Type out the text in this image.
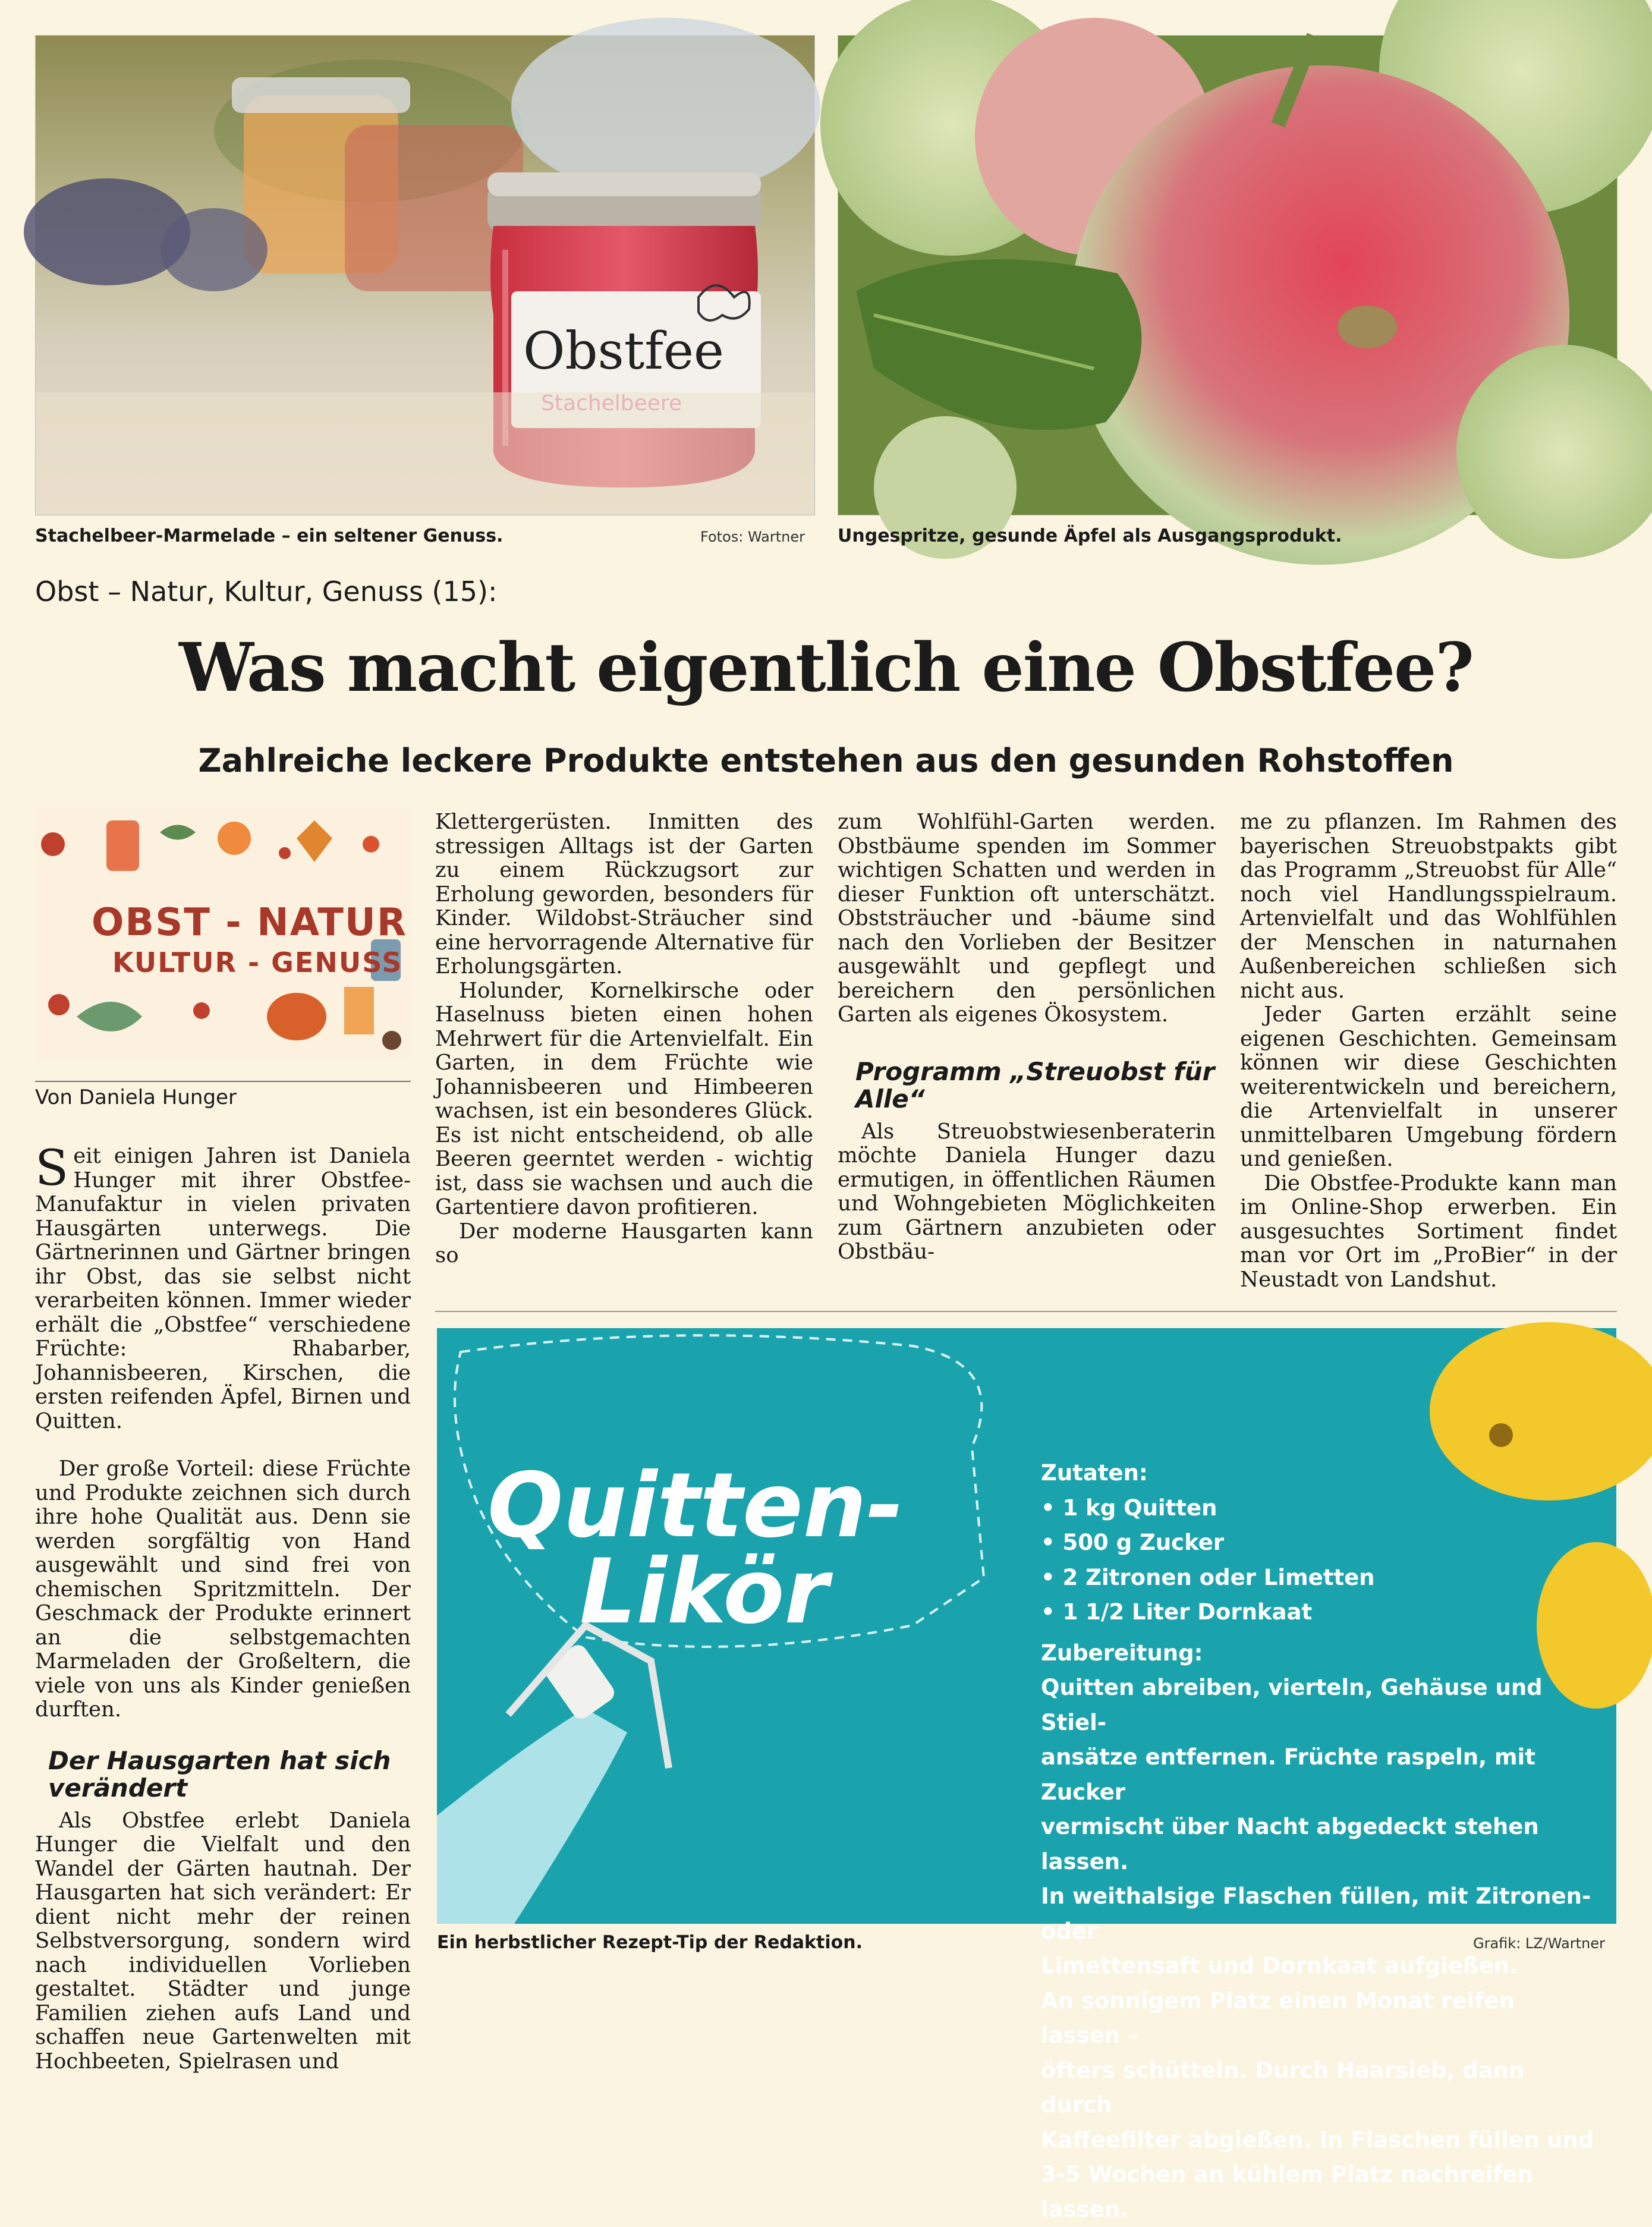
Obstfee
Stachelbeer-Marmelade – ein seltener Genuss.	Fotos: Wartner Ungespritze, gesunde Äpfel als Ausgangsprodukt.
Obst – Natur, Kultur, Genuss (15):
Was macht eigentlich eine Obstfee?
Zahlreiche leckere Produkte entstehen aus den gesunden Rohstoffen
OBST - NATUR
KULTUR - GENUSS
Von Daniela Hunger

Seit einigen Jahren ist Daniela Hunger mit ihrer Obstfee-Manufaktur in vielen privaten Hausgärten unterwegs. Die Gärtnerinnen und Gärtner bringen ihr Obst, das sie selbst nicht verarbeiten können. Immer wieder erhält die „Obstfee“ verschiedene Früchte: Rhabarber, Johannisbeeren, Kirschen, die ersten reifenden Äpfel, Birnen und Quitten.

Der große Vorteil: diese Früchte und Produkte zeichnen sich durch ihre hohe Qualität aus. Denn sie werden sorgfältig von Hand ausgewählt und sind frei von chemischen Spritzmitteln. Der Geschmack der Produkte erinnert an die selbstgemachten Marmeladen der Großeltern, die viele von uns als Kinder genießen durften.

Der Hausgarten hat sich verändert

Als Obstfee erlebt Daniela Hunger die Vielfalt und den Wandel der Gärten hautnah. Der Hausgarten hat sich verändert: Er dient nicht mehr der reinen Selbstversorgung, sondern wird nach individuellen Vorlieben gestaltet. Städter und junge Familien ziehen aufs Land und schaffen neue Gartenwelten mit Hochbeeten, Spielrasen und

Klettergerüsten. Inmitten des stressigen Alltags ist der Garten zu einem Rückzugsort zur Erholung geworden, besonders für Kinder. Wildobst-Sträucher sind eine hervorragende Alternative für Erholungsgärten.

Holunder, Kornelkirsche oder Haselnuss bieten einen hohen Mehrwert für die Artenvielfalt. Ein Garten, in dem Früchte wie Johannisbeeren und Himbeeren wachsen, ist ein besonderes Glück. Es ist nicht entscheidend, ob alle Beeren geerntet werden - wichtig ist, dass sie wachsen und auch die Gartentiere davon profitieren.

Der moderne Hausgarten kann so

zum Wohlfühl-Garten werden. Obstbäume spenden im Sommer wichtigen Schatten und werden in dieser Funktion oft unterschätzt. Obststräucher und -bäume sind nach den Vorlieben der Besitzer ausgewählt und gepflegt und bereichern den persönlichen Garten als eigenes Ökosystem.

Programm „Streuobst für Alle“

Als Streuobstwiesenberaterin möchte Daniela Hunger dazu ermutigen, in öffentlichen Räumen und Wohngebieten Möglichkeiten zum Gärtnern anzubieten oder Obstbäu-

me zu pflanzen. Im Rahmen des bayerischen Streuobstpakts gibt das Programm „Streuobst für Alle“ noch viel Handlungsspielraum. Artenvielfalt und das Wohlfühlen der Menschen in naturnahen Außenbereichen schließen sich nicht aus.

Jeder Garten erzählt seine eigenen Geschichten. Gemeinsam können wir diese Geschichten weiterentwickeln und bereichern, die Artenvielfalt in unserer unmittelbaren Umgebung fördern und genießen.

Die Obstfee-Produkte kann man im Online-Shop erwerben. Ein ausgesuchtes Sortiment findet man vor Ort im „ProBier“ in der Neustadt von Landshut.

Quitten-
Likör
Zutaten:
• 1 kg Quitten
• 500 g Zucker
• 2 Zitronen oder Limetten
• 1 1/2 Liter Dornkaat
Zubereitung:
Quitten abreiben, vierteln, Gehäuse und Stiel-
ansätze entfernen. Früchte raspeln, mit Zucker
vermischt über Nacht abgedeckt stehen lassen.
In weithalsige Flaschen füllen, mit Zitronen- oder
Limettensaft und Dornkaat aufgießen.
An sonnigem Platz einen Monat reifen lassen –
öfters schütteln. Durch Haarsieb, dann durch
Kaffeefilter abgießen. In Flaschen füllen und
3-5 Wochen an kühlem Platz nachreifen lassen.
Ein herbstlicher Rezept-Tip der Redaktion.	Grafik: LZ/Wartner
